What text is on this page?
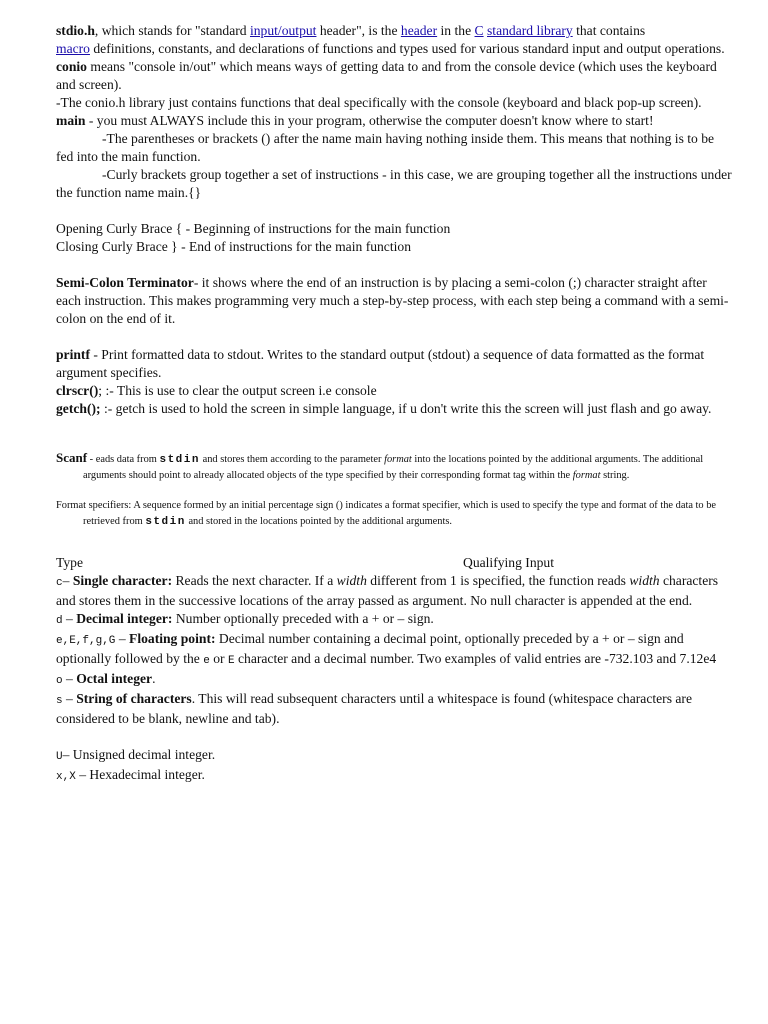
stdio.h, which stands for "standard input/output header", is the header in the C standard library that contains
macro definitions, constants, and declarations of functions and types used for various standard input and output operations.

conio means "console in/out" which means ways of getting data to and from the console device (which uses the keyboard and screen).

-The conio.h library just contains functions that deal specifically with the console (keyboard and black pop-up screen).

main - you must ALWAYS include this in your program, otherwise the computer doesn't know where to start!

-The parentheses or brackets () after the name main having nothing inside them. This means that nothing is to be fed into the main function.

-Curly brackets group together a set of instructions - in this case, we are grouping together all the instructions under the function name main.{}

Opening Curly Brace { - Beginning of instructions for the main function

Closing Curly Brace } - End of instructions for the main function

Semi-Colon Terminator- it shows where the end of an instruction is by placing a semi-colon (;) character straight after each instruction. This makes programming very much a step-by-step process, with each step being a command with a semi-colon on the end of it.

printf - Print formatted data to stdout. Writes to the standard output (stdout) a sequence of data formatted as the format argument specifies.

clrscr(); :- This is use to clear the output screen i.e console

getch(); :- getch is used to hold the screen in simple language, if u don't write this the screen will just flash and go away.

Scanf - eads data from stdin and stores them according to the parameter format into the locations pointed by the additional arguments. The additional arguments should point to already allocated objects of the type specified by their corresponding format tag within the format string.

Format specifiers: A sequence formed by an initial percentage sign () indicates a format specifier, which is used to specify the type and format of the data to be retrieved from stdin and stored in the locations pointed by the additional arguments.

Type	Qualifying Input

c– Single character: Reads the next character. If a width different from 1 is specified, the function reads width characters and stores them in the successive locations of the array passed as argument. No null character is appended at the end.

d – Decimal integer: Number optionally preceded with a + or – sign.

e,E,f,g,G – Floating point: Decimal number containing a decimal point, optionally preceded by a + or – sign and optionally followed by the e or E character and a decimal number. Two examples of valid entries are -732.103 and 7.12e4

o – Octal integer.

s – String of characters. This will read subsequent characters until a whitespace is found (whitespace characters are considered to be blank, newline and tab).

U– Unsigned decimal integer.

x,X – Hexadecimal integer.
